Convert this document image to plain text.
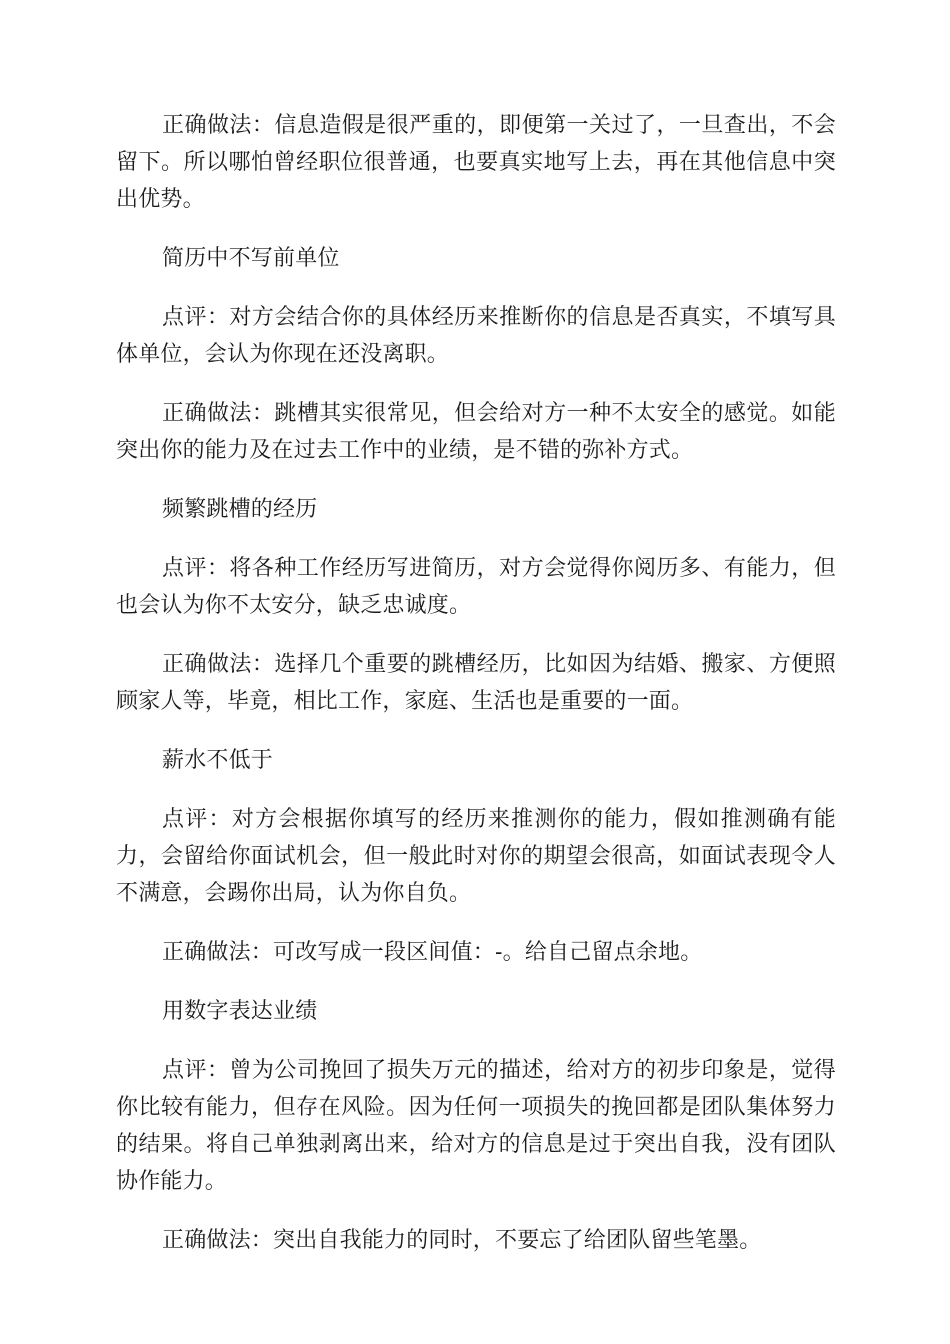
正确做法：信息造假是很严重的，即便第一关过了，一旦查出，不会留下。所以哪怕曾经职位很普通，也要真实地写上去，再在其他信息中突出优势。

简历中不写前单位

点评：对方会结合你的具体经历来推断你的信息是否真实，不填写具体单位，会认为你现在还没离职。

正确做法：跳槽其实很常见，但会给对方一种不太安全的感觉。如能突出你的能力及在过去工作中的业绩，是不错的弥补方式。

频繁跳槽的经历

点评：将各种工作经历写进简历，对方会觉得你阅历多、有能力，但也会认为你不太安分，缺乏忠诚度。

正确做法：选择几个重要的跳槽经历，比如因为结婚、搬家、方便照顾家人等，毕竟，相比工作，家庭、生活也是重要的一面。

薪水不低于

点评：对方会根据你填写的经历来推测你的能力，假如推测确有能力，会留给你面试机会，但一般此时对你的期望会很高，如面试表现令人不满意，会踢你出局，认为你自负。

正确做法：可改写成一段区间值：-。给自己留点余地。

用数字表达业绩

点评：曾为公司挽回了损失万元的描述，给对方的初步印象是，觉得你比较有能力，但存在风险。因为任何一项损失的挽回都是团队集体努力的结果。将自己单独剥离出来，给对方的信息是过于突出自我，没有团队协作能力。

正确做法：突出自我能力的同时，不要忘了给团队留些笔墨。
